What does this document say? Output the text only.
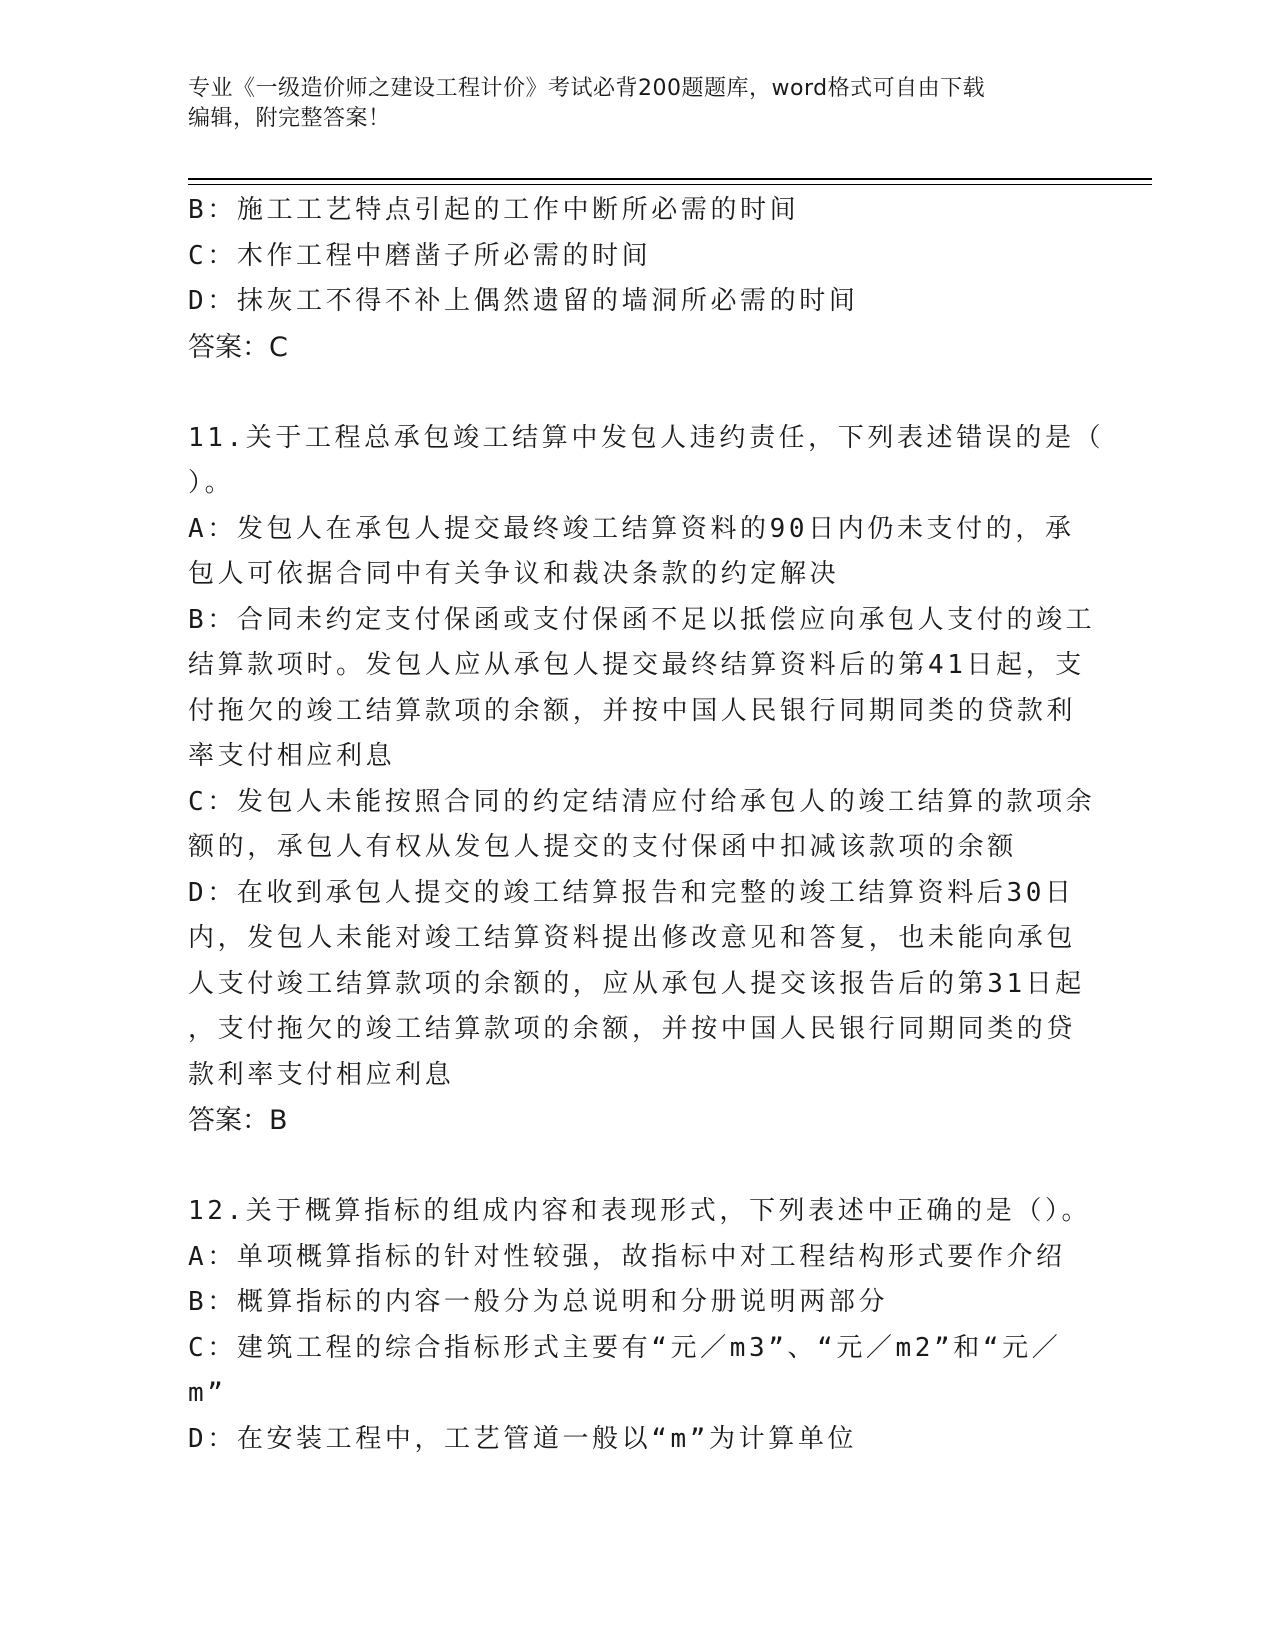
专业《一级造价师之建设工程计价》考试必背200题题库，word格式可自由下载
编辑，附完整答案！
B：施工工艺特点引起的工作中断所必需的时间
C：木作工程中磨凿子所必需的时间
D：抹灰工不得不补上偶然遗留的墙洞所必需的时间
答案：C
11.关于工程总承包竣工结算中发包人违约责任，下列表述错误的是（
）。
A：发包人在承包人提交最终竣工结算资料的90日内仍未支付的，承
包人可依据合同中有关争议和裁决条款的约定解决
B：合同未约定支付保函或支付保函不足以抵偿应向承包人支付的竣工
结算款项时。发包人应从承包人提交最终结算资料后的第41日起，支
付拖欠的竣工结算款项的余额，并按中国人民银行同期同类的贷款利
率支付相应利息
C：发包人未能按照合同的约定结清应付给承包人的竣工结算的款项余
额的，承包人有权从发包人提交的支付保函中扣减该款项的余额
D：在收到承包人提交的竣工结算报告和完整的竣工结算资料后30日
内，发包人未能对竣工结算资料提出修改意见和答复，也未能向承包
人支付竣工结算款项的余额的，应从承包人提交该报告后的第31日起
，支付拖欠的竣工结算款项的余额，并按中国人民银行同期同类的贷
款利率支付相应利息
答案：B
12.关于概算指标的组成内容和表现形式，下列表述中正确的是（）。
A：单项概算指标的针对性较强，故指标中对工程结构形式要作介绍
B：概算指标的内容一般分为总说明和分册说明两部分
C：建筑工程的综合指标形式主要有“元／m3”、“元／m2”和“元／
m”
D：在安装工程中，工艺管道一般以“m”为计算单位
